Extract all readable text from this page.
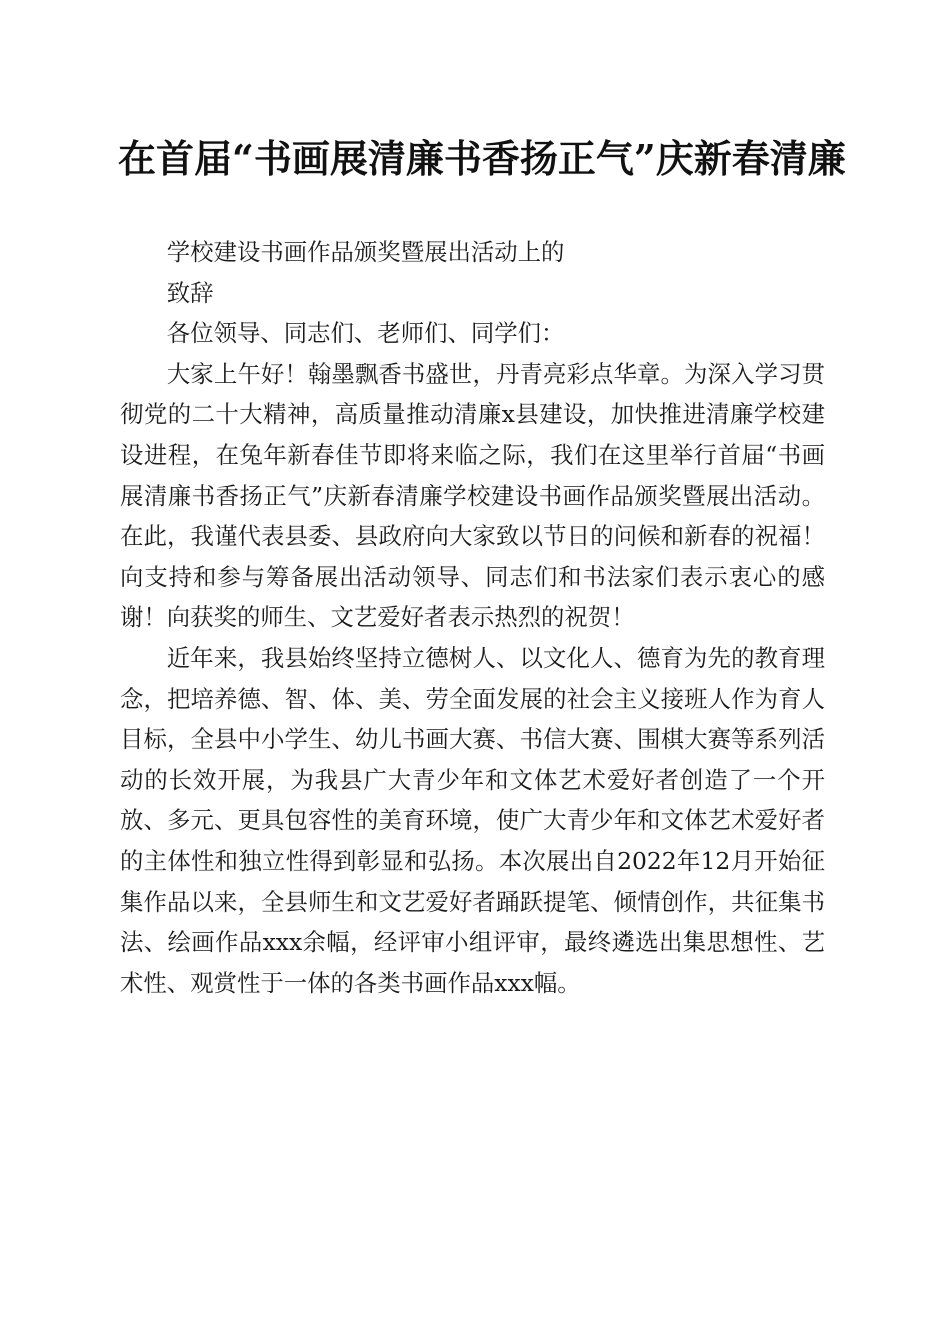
在首届“书画展清廉书香扬正气”庆新春清廉

学校建设书画作品颁奖暨展出活动上的

致辞

各位领导、同志们、老师们、同学们：

大家上午好！翰墨飘香书盛世，丹青亮彩点华章。为深入学习贯彻党的二十大精神，高质量推动清廉x县建设，加快推进清廉学校建设进程，在兔年新春佳节即将来临之际，我们在这里举行首届“书画展清廉书香扬正气”庆新春清廉学校建设书画作品颁奖暨展出活动。在此，我谨代表县委、县政府向大家致以节日的问候和新春的祝福！向支持和参与筹备展出活动领导、同志们和书法家们表示衷心的感谢！向获奖的师生、文艺爱好者表示热烈的祝贺！

近年来，我县始终坚持立德树人、以文化人、德育为先的教育理念，把培养德、智、体、美、劳全面发展的社会主义接班人作为育人目标，全县中小学生、幼儿书画大赛、书信大赛、围棋大赛等系列活动的长效开展，为我县广大青少年和文体艺术爱好者创造了一个开放、多元、更具包容性的美育环境，使广大青少年和文体艺术爱好者的主体性和独立性得到彰显和弘扬。本次展出自2022年12月开始征集作品以来，全县师生和文艺爱好者踊跃提笔、倾情创作，共征集书法、绘画作品xxx余幅，经评审小组评审，最终遴选出集思想性、艺术性、观赏性于一体的各类书画作品xxx幅。
